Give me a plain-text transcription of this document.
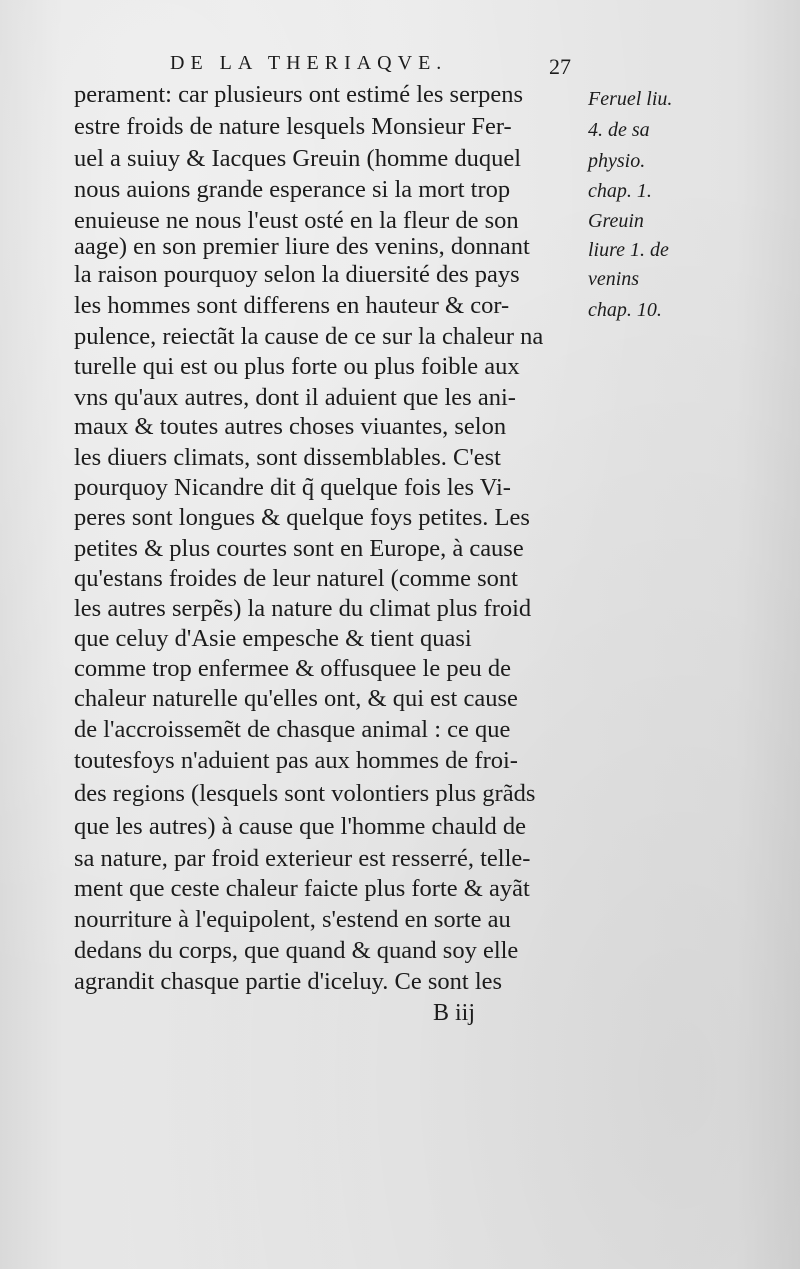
DE LA THERIAQVE.	27
perament: car plusieurs ont estimé les serpens
estre froids de nature lesquels Monsieur Fer-
uel a suiuy & Iacques Greuin (homme duquel
nous auions grande esperance si la mort trop
enuieuse ne nous l'eust osté en la fleur de son
aage) en son premier liure des venins, donnant
la raison pourquoy selon la diuersité des pays
les hommes sont differens en hauteur & cor-
pulence, reiectãt la cause de ce sur la chaleur na
turelle qui est ou plus forte ou plus foible aux
vns qu'aux autres, dont il aduient que les ani-
maux & toutes autres choses viuantes, selon
les diuers climats, sont dissemblables. C'est
pourquoy Nicandre dit q̃ quelque fois les Vi-
peres sont longues & quelque foys petites. Les
petites & plus courtes sont en Europe, à cause
qu'estans froides de leur naturel (comme sont
les autres serpẽs) la nature du climat plus froid
que celuy d'Asie empesche & tient quasi
comme trop enfermee & offusquee le peu de
chaleur naturelle qu'elles ont, & qui est cause
de l'accroissemẽt de chasque animal : ce que
toutesfoys n'aduient pas aux hommes de froi-
des regions (lesquels sont volontiers plus grãds
que les autres) à cause que l'homme chauld de
sa nature, par froid exterieur est resserré, telle-
ment que ceste chaleur faicte plus forte & ayãt
nourriture à l'equipolent, s'estend en sorte au
dedans du corps, que quand & quand soy elle
agrandit chasque partie d'iceluy. Ce sont les
Feruel liu.
4. de sa
physio.
chap. 1.
Greuin
liure 1. de
venins
chap. 10.
B iij
